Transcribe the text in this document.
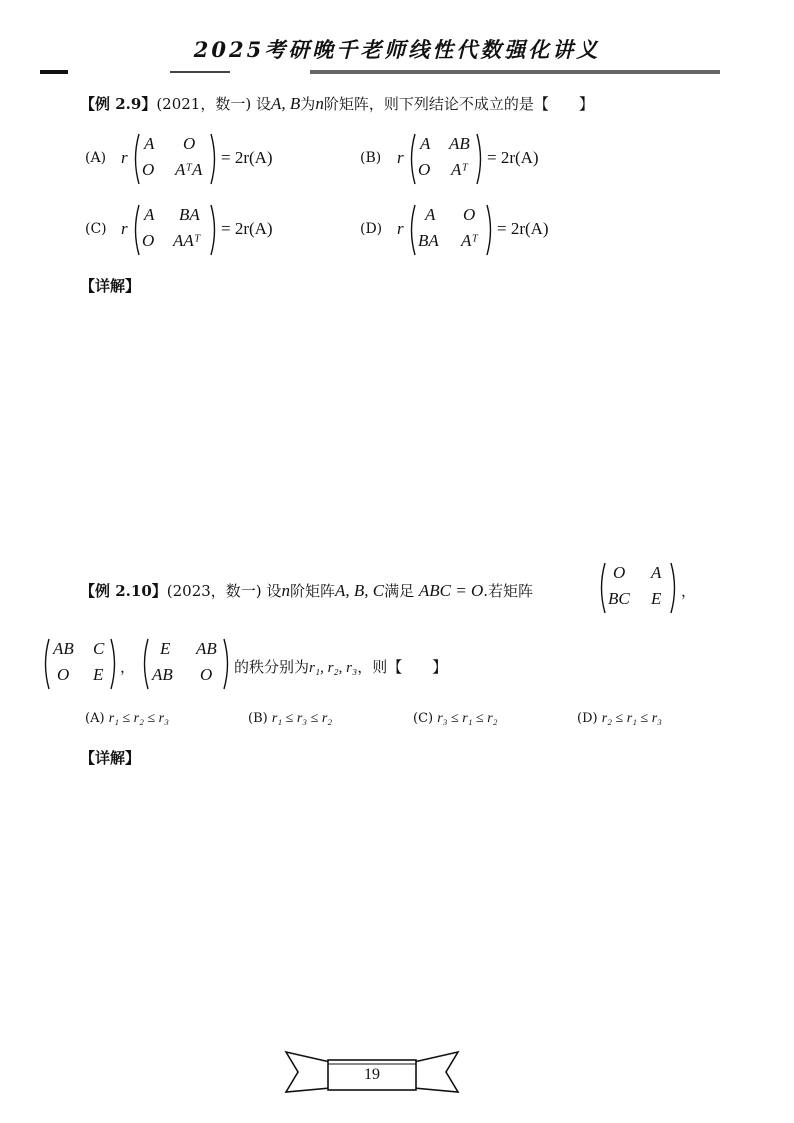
2025考研晚千老师线性代数强化讲义
【例 2.9】(2021，数一) 设A, B为n阶矩阵，则下列结论不成立的是【　　】
(A) r
A O
O AᵀA
= 2r(A)	(B) r
A AB
O Aᵀ
= 2r(A)
(C) r
A BA
O AAᵀ
= 2r(A)	(D) r
A O
BA Aᵀ
= 2r(A)
【详解】
【例 2.10】(2023，数一) 设n阶矩阵A, B, C满足 ABC = O.若矩阵
O A
BC E ，
AB C
O E ，
E AB
AB O 的秩分别为r₁, r₂, r₃，则【　　】
(A) r₁ ≤ r₂ ≤ r₃	(B) r₁ ≤ r₃ ≤ r₂	(C) r₃ ≤ r₁ ≤ r₂	(D) r₂ ≤ r₁ ≤ r₃
【详解】
19
